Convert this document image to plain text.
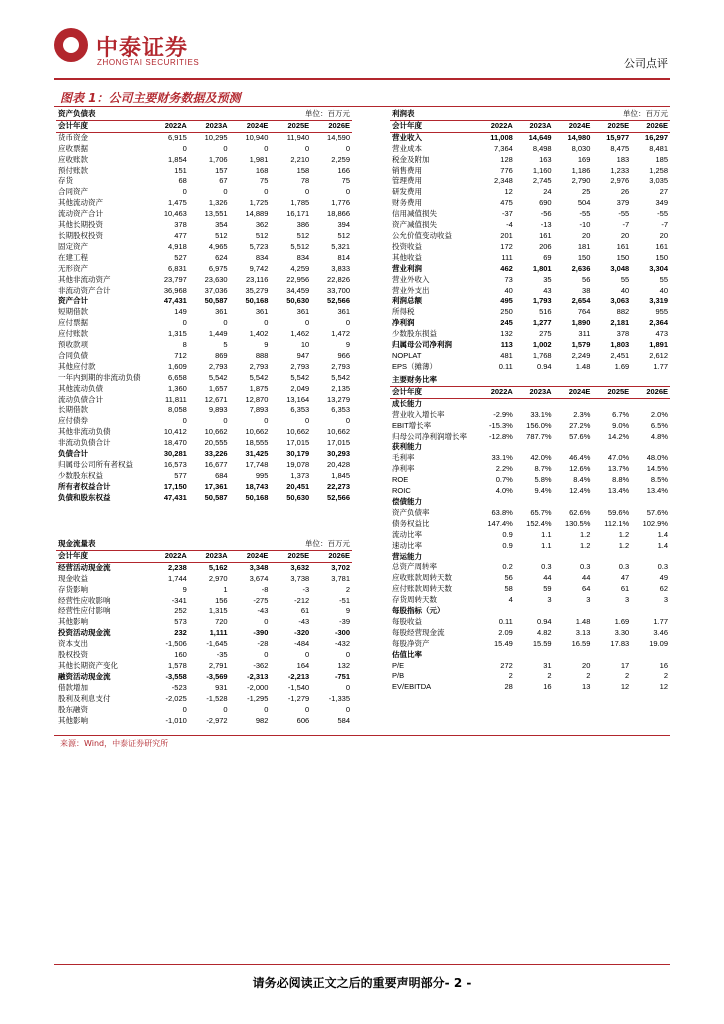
中泰证券
ZHONGTAI SECURITIES	公司点评
图表 1：公司主要财务数据及预测
资产负债表			单位：百万元		
会计年度	2022A	2023A	2024E	2025E	2026E
货币资金	6,915	10,295	10,940	11,940	14,590
应收票据	0	0	0	0	0
应收账款	1,854	1,706	1,981	2,210	2,259
预付账款	151	157	168	158	166
存货	68	67	75	78	75
合同资产	0	0	0	0	0
其他流动资产	1,475	1,326	1,725	1,785	1,776
流动资产合计	10,463	13,551	14,889	16,171	18,866
其他长期投资	378	354	362	386	394
长期股权投资	477	512	512	512	512
固定资产	4,918	4,965	5,723	5,512	5,321
在建工程	527	624	834	834	814
无形资产	6,831	6,975	9,742	4,259	3,833
其他非流动资产	23,797	23,630	23,116	22,956	22,826
非流动资产合计	36,968	37,036	35,279	34,459	33,700
资产合计	47,431	50,587	50,168	50,630	52,566
短期借款	149	361	361	361	361
应付票据	0	0	0	0	0
应付账款	1,315	1,449	1,402	1,462	1,472
预收款项	8	5	9	10	9
合同负债	712	869	888	947	966
其他应付款	1,609	2,793	2,793	2,793	2,793
一年内到期的非流动负债	6,658	5,542	5,542	5,542	5,542
其他流动负债	1,360	1,657	1,875	2,049	2,135
流动负债合计	11,811	12,671	12,870	13,164	13,279
长期借款	8,058	9,893	7,893	6,353	6,353
应付债券	0	0	0	0	0
其他非流动负债	10,412	10,662	10,662	10,662	10,662
非流动负债合计	18,470	20,555	18,555	17,015	17,015
负债合计	30,281	33,226	31,425	30,179	30,293
归属母公司所有者权益	16,573	16,677	17,748	19,078	20,428
少数股东权益	577	684	995	1,373	1,845
所有者权益合计	17,150	17,361	18,743	20,451	22,273
负债和股东权益	47,431	50,587	50,168	50,630	52,566
现金流量表			单位：百万元		
会计年度	2022A	2023A	2024E	2025E	2026E
经营活动现金流	2,238	5,162	3,348	3,632	3,702
现金收益	1,744	2,970	3,674	3,738	3,781
存货影响	9	1	-8	-3	2
经营性应收影响	-341	156	-275	-212	-51
经营性应付影响	252	1,315	-43	61	9
其他影响	573	720	0	-43	-39
投资活动现金流	232	1,111	-390	-320	-300
资本支出	-1,506	-1,645	-28	-484	-432
股权投资	160	-35	0	0	0
其他长期资产变化	1,578	2,791	-362	164	132
融资活动现金流	-3,558	-3,569	-2,313	-2,213	-751
借款增加	-523	931	-2,000	-1,540	0
股利及利息支付	-2,025	-1,528	-1,295	-1,279	-1,335
股东融资	0	0	0	0	0
其他影响	-1,010	-2,972	982	606	584
利润表			单位：百万元		
会计年度	2022A	2023A	2024E	2025E	2026E
营业收入	11,008	14,649	14,980	15,977	16,297
营业成本	7,364	8,498	8,030	8,475	8,481
税金及附加	128	163	169	183	185
销售费用	776	1,160	1,186	1,233	1,258
管理费用	2,348	2,745	2,790	2,976	3,035
研发费用	12	24	25	26	27
财务费用	475	690	504	379	349
信用减值损失	-37	-56	-55	-55	-55
资产减值损失	-4	-13	-10	-7	-7
公允价值变动收益	201	161	20	20	20
投资收益	172	206	181	161	161
其他收益	111	69	150	150	150
营业利润	462	1,801	2,636	3,048	3,304
营业外收入	73	35	56	55	55
营业外支出	40	43	38	40	40
利润总额	495	1,793	2,654	3,063	3,319
所得税	250	516	764	882	955
净利润	245	1,277	1,890	2,181	2,364
少数股东损益	132	275	311	378	473
归属母公司净利润	113	1,002	1,579	1,803	1,891
NOPLAT	481	1,768	2,249	2,451	2,612
EPS（摊薄）	0.11	0.94	1.48	1.69	1.77
主要财务比率					
会计年度	2022A	2023A	2024E	2025E	2026E
成长能力					
营业收入增长率	-2.9%	33.1%	2.3%	6.7%	2.0%
EBIT增长率	-15.3%	156.0%	27.2%	9.0%	6.5%
归母公司净利润增长率	-12.8%	787.7%	57.6%	14.2%	4.8%
获利能力					
毛利率	33.1%	42.0%	46.4%	47.0%	48.0%
净利率	2.2%	8.7%	12.6%	13.7%	14.5%
ROE	0.7%	5.8%	8.4%	8.8%	8.5%
ROIC	4.0%	9.4%	12.4%	13.4%	13.4%
偿债能力					
资产负债率	63.8%	65.7%	62.6%	59.6%	57.6%
债务权益比	147.4%	152.4%	130.5%	112.1%	102.9%
流动比率	0.9	1.1	1.2	1.2	1.4
速动比率	0.9	1.1	1.2	1.2	1.4
营运能力					
总资产周转率	0.2	0.3	0.3	0.3	0.3
应收账款周转天数	56	44	44	47	49
应付账款周转天数	58	59	64	61	62
存货周转天数	4	3	3	3	3
每股指标（元）					
每股收益	0.11	0.94	1.48	1.69	1.77
每股经营现金流	2.09	4.82	3.13	3.30	3.46
每股净资产	15.49	15.59	16.59	17.83	19.09
估值比率					
P/E	272	31	20	17	16
P/B	2	2	2	2	2
EV/EBITDA	28	16	13	12	12
来源：Wind，中泰证券研究所
请务必阅读正文之后的重要声明部分- 2 -
